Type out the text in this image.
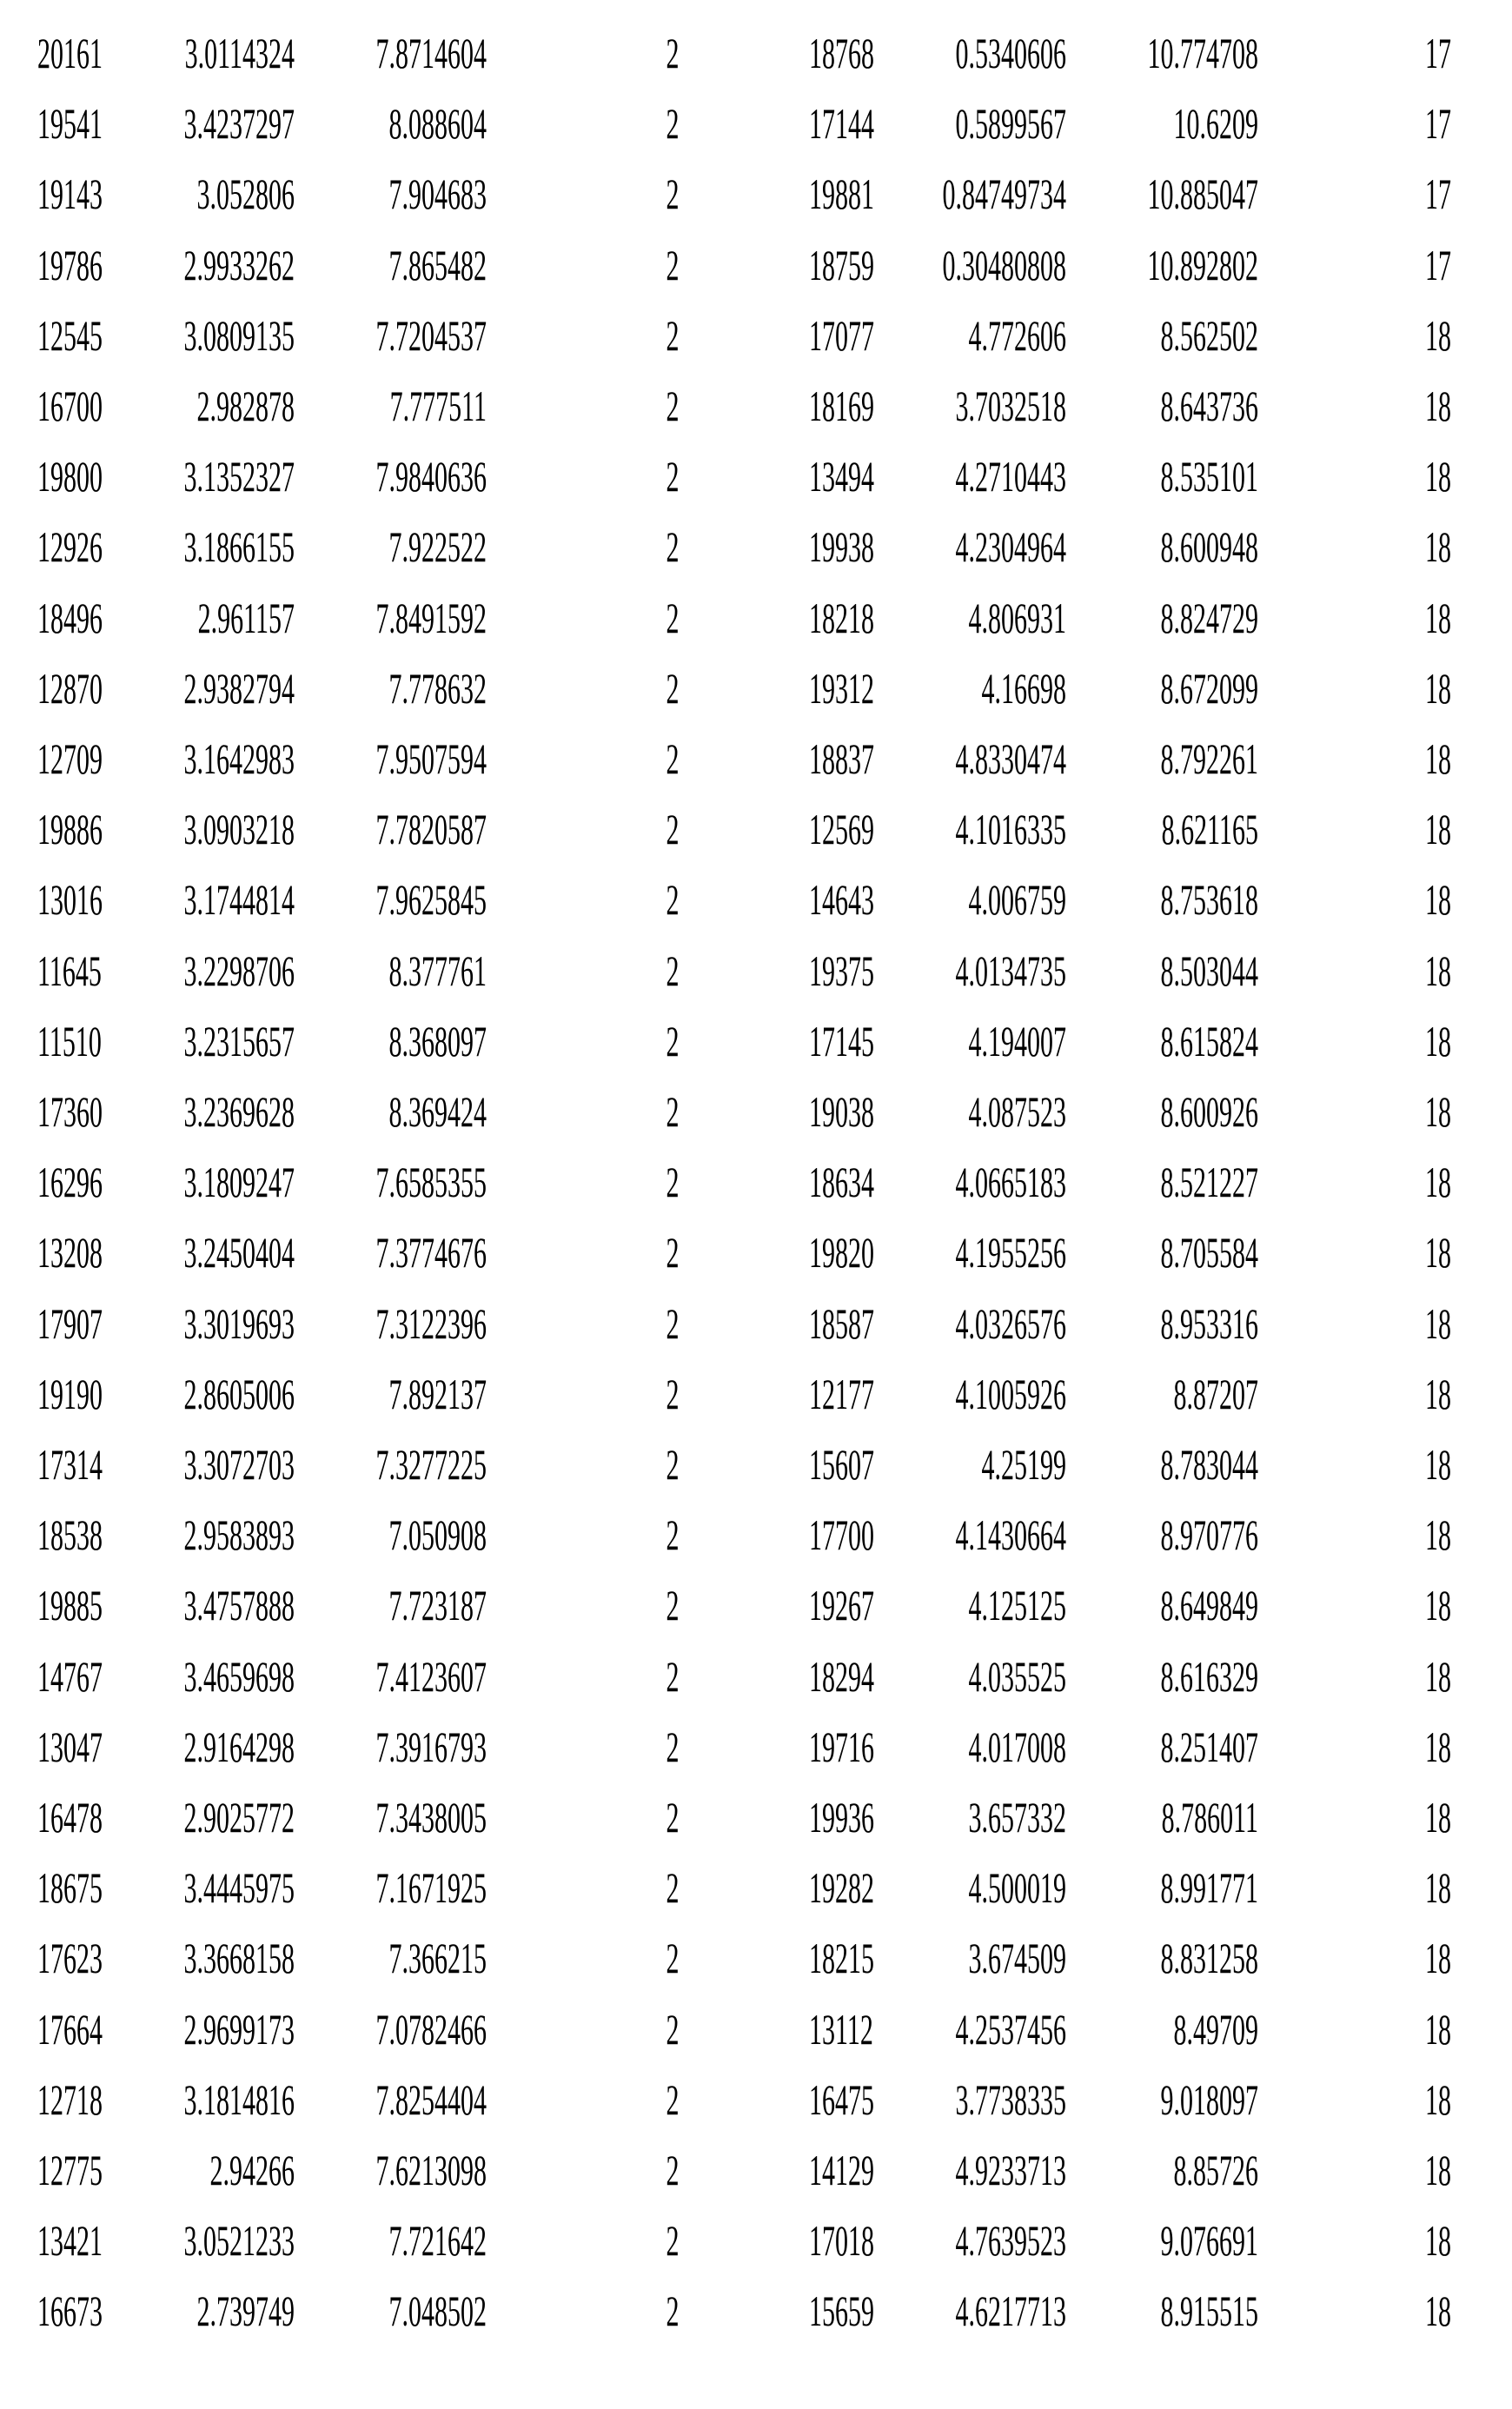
20161	3.0114324	7.8714604	2	18768	0.5340606	10.774708	17
19541	3.4237297	8.088604	2	17144	0.5899567	10.6209	17
19143	3.052806	7.904683	2	19881	0.84749734	10.885047	17
19786	2.9933262	7.865482	2	18759	0.30480808	10.892802	17
12545	3.0809135	7.7204537	2	17077	4.772606	8.562502	18
16700	2.982878	7.777511	2	18169	3.7032518	8.643736	18
19800	3.1352327	7.9840636	2	13494	4.2710443	8.535101	18
12926	3.1866155	7.922522	2	19938	4.2304964	8.600948	18
18496	2.961157	7.8491592	2	18218	4.806931	8.824729	18
12870	2.9382794	7.778632	2	19312	4.16698	8.672099	18
12709	3.1642983	7.9507594	2	18837	4.8330474	8.792261	18
19886	3.0903218	7.7820587	2	12569	4.1016335	8.621165	18
13016	3.1744814	7.9625845	2	14643	4.006759	8.753618	18
11645	3.2298706	8.377761	2	19375	4.0134735	8.503044	18
11510	3.2315657	8.368097	2	17145	4.194007	8.615824	18
17360	3.2369628	8.369424	2	19038	4.087523	8.600926	18
16296	3.1809247	7.6585355	2	18634	4.0665183	8.521227	18
13208	3.2450404	7.3774676	2	19820	4.1955256	8.705584	18
17907	3.3019693	7.3122396	2	18587	4.0326576	8.953316	18
19190	2.8605006	7.892137	2	12177	4.1005926	8.87207	18
17314	3.3072703	7.3277225	2	15607	4.25199	8.783044	18
18538	2.9583893	7.050908	2	17700	4.1430664	8.970776	18
19885	3.4757888	7.723187	2	19267	4.125125	8.649849	18
14767	3.4659698	7.4123607	2	18294	4.035525	8.616329	18
13047	2.9164298	7.3916793	2	19716	4.017008	8.251407	18
16478	2.9025772	7.3438005	2	19936	3.657332	8.786011	18
18675	3.4445975	7.1671925	2	19282	4.500019	8.991771	18
17623	3.3668158	7.366215	2	18215	3.674509	8.831258	18
17664	2.9699173	7.0782466	2	13112	4.2537456	8.49709	18
12718	3.1814816	7.8254404	2	16475	3.7738335	9.018097	18
12775	2.94266	7.6213098	2	14129	4.9233713	8.85726	18
13421	3.0521233	7.721642	2	17018	4.7639523	9.076691	18
16673	2.739749	7.048502	2	15659	4.6217713	8.915515	18
